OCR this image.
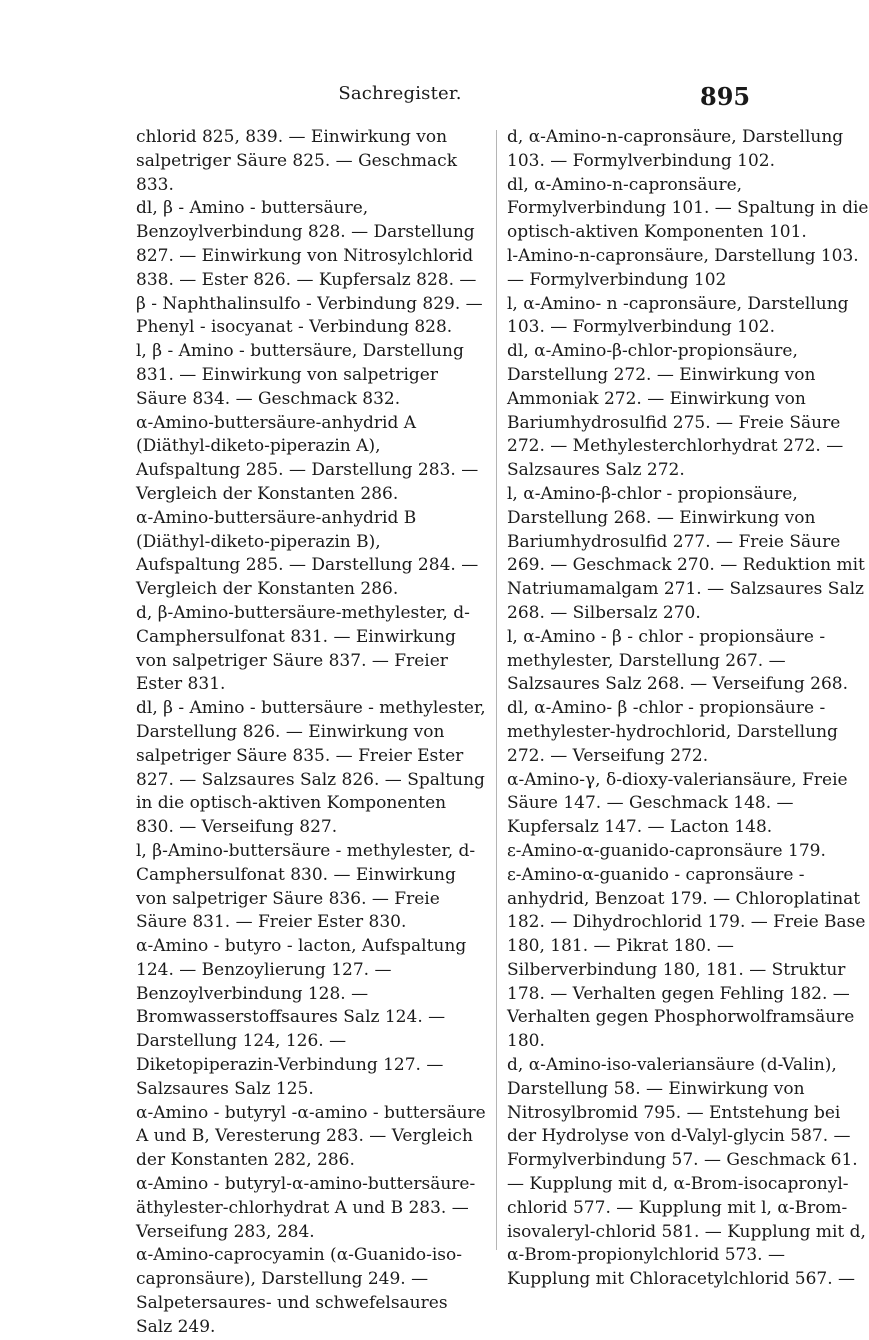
Sachregister.	895

chlorid 825, 839. — Einwirkung von salpetriger Säure 825. — Geschmack 833.

dl, β - Amino - buttersäure, Benzoylverbindung 828. — Darstellung 827. — Einwirkung von Nitrosylchlorid 838. — Ester 826. — Kupfersalz 828. — β - Naphthalinsulfo - Verbindung 829. — Phenyl - isocyanat - Verbindung 828.

l, β - Amino - buttersäure, Darstellung 831. — Einwirkung von salpetriger Säure 834. — Geschmack 832.

α-Amino-buttersäure-anhydrid A (Diäthyl-diketo-piperazin A), Aufspaltung 285. — Darstellung 283. — Vergleich der Konstanten 286.

α-Amino-buttersäure-anhydrid B (Diäthyl-diketo-piperazin B), Aufspaltung 285. — Darstellung 284. — Vergleich der Konstanten 286.

d, β-Amino-buttersäure-methylester, d-Camphersulfonat 831. — Einwirkung von salpetriger Säure 837. — Freier Ester 831.

dl, β - Amino - buttersäure - methylester, Darstellung 826. — Einwirkung von salpetriger Säure 835. — Freier Ester 827. — Salzsaures Salz 826. — Spaltung in die optisch-aktiven Komponenten 830. — Verseifung 827.

l, β-Amino-buttersäure - methylester, d-Camphersulfonat 830. — Einwirkung von salpetriger Säure 836. — Freie Säure 831. — Freier Ester 830.

α-Amino - butyro - lacton, Aufspaltung 124. — Benzoylierung 127. — Benzoylverbindung 128. — Bromwasserstoffsaures Salz 124. — Darstellung 124, 126. — Diketopiperazin-Verbindung 127. — Salzsaures Salz 125.

α-Amino - butyryl -α-amino - buttersäure A und B, Veresterung 283. — Vergleich der Konstanten 282, 286.

α-Amino - butyryl-α-amino-buttersäure-äthylester-chlorhydrat A und B 283. — Verseifung 283, 284.

α-Amino-caprocyamin (α-Guanido-iso-capronsäure), Darstellung 249. — Salpetersaures- und schwefelsaures Salz 249.

d, α-Amino-n-capronsäure, Darstellung 103. — Formylverbindung 102.

dl, α-Amino-n-capronsäure, Formylverbindung 101. — Spaltung in die optisch-aktiven Komponenten 101.

l-Amino-n-capronsäure, Darstellung 103. — Formylverbindung 102

l, α-Amino- n -capronsäure, Darstellung 103. — Formylverbindung 102.

dl, α-Amino-β-chlor-propionsäure, Darstellung 272. — Einwirkung von Ammoniak 272. — Einwirkung von Bariumhydrosulfid 275. — Freie Säure 272. — Methylesterchlorhydrat 272. — Salzsaures Salz 272.

l, α-Amino-β-chlor - propionsäure, Darstellung 268. — Einwirkung von Bariumhydrosulfid 277. — Freie Säure 269. — Geschmack 270. — Reduktion mit Natriumamalgam 271. — Salzsaures Salz 268. — Silbersalz 270.

l, α-Amino - β - chlor - propionsäure - methylester, Darstellung 267. — Salzsaures Salz 268. — Verseifung 268.

dl, α-Amino- β -chlor - propionsäure - methylester-hydrochlorid, Darstellung 272. — Verseifung 272.

α-Amino-γ, δ-dioxy-valeriansäure, Freie Säure 147. — Geschmack 148. — Kupfersalz 147. — Lacton 148.

ε-Amino-α-guanido-capronsäure 179.

ε-Amino-α-guanido - capronsäure - anhydrid, Benzoat 179. — Chloroplatinat 182. — Dihydrochlorid 179. — Freie Base 180, 181. — Pikrat 180. — Silberverbindung 180, 181. — Struktur 178. — Verhalten gegen Fehling 182. — Verhalten gegen Phosphorwolframsäure 180.

d, α-Amino-iso-valeriansäure (d-Valin), Darstellung 58. — Einwirkung von Nitrosylbromid 795. — Entstehung bei der Hydrolyse von d-Valyl-glycin 587. — Formylverbindung 57. — Geschmack 61. — Kupplung mit d, α-Brom-isocapronyl-chlorid 577. — Kupplung mit l, α-Brom-isovaleryl-chlorid 581. — Kupplung mit d, α-Brom-propionylchlorid 573. — Kupplung mit Chloracetylchlorid 567. —
